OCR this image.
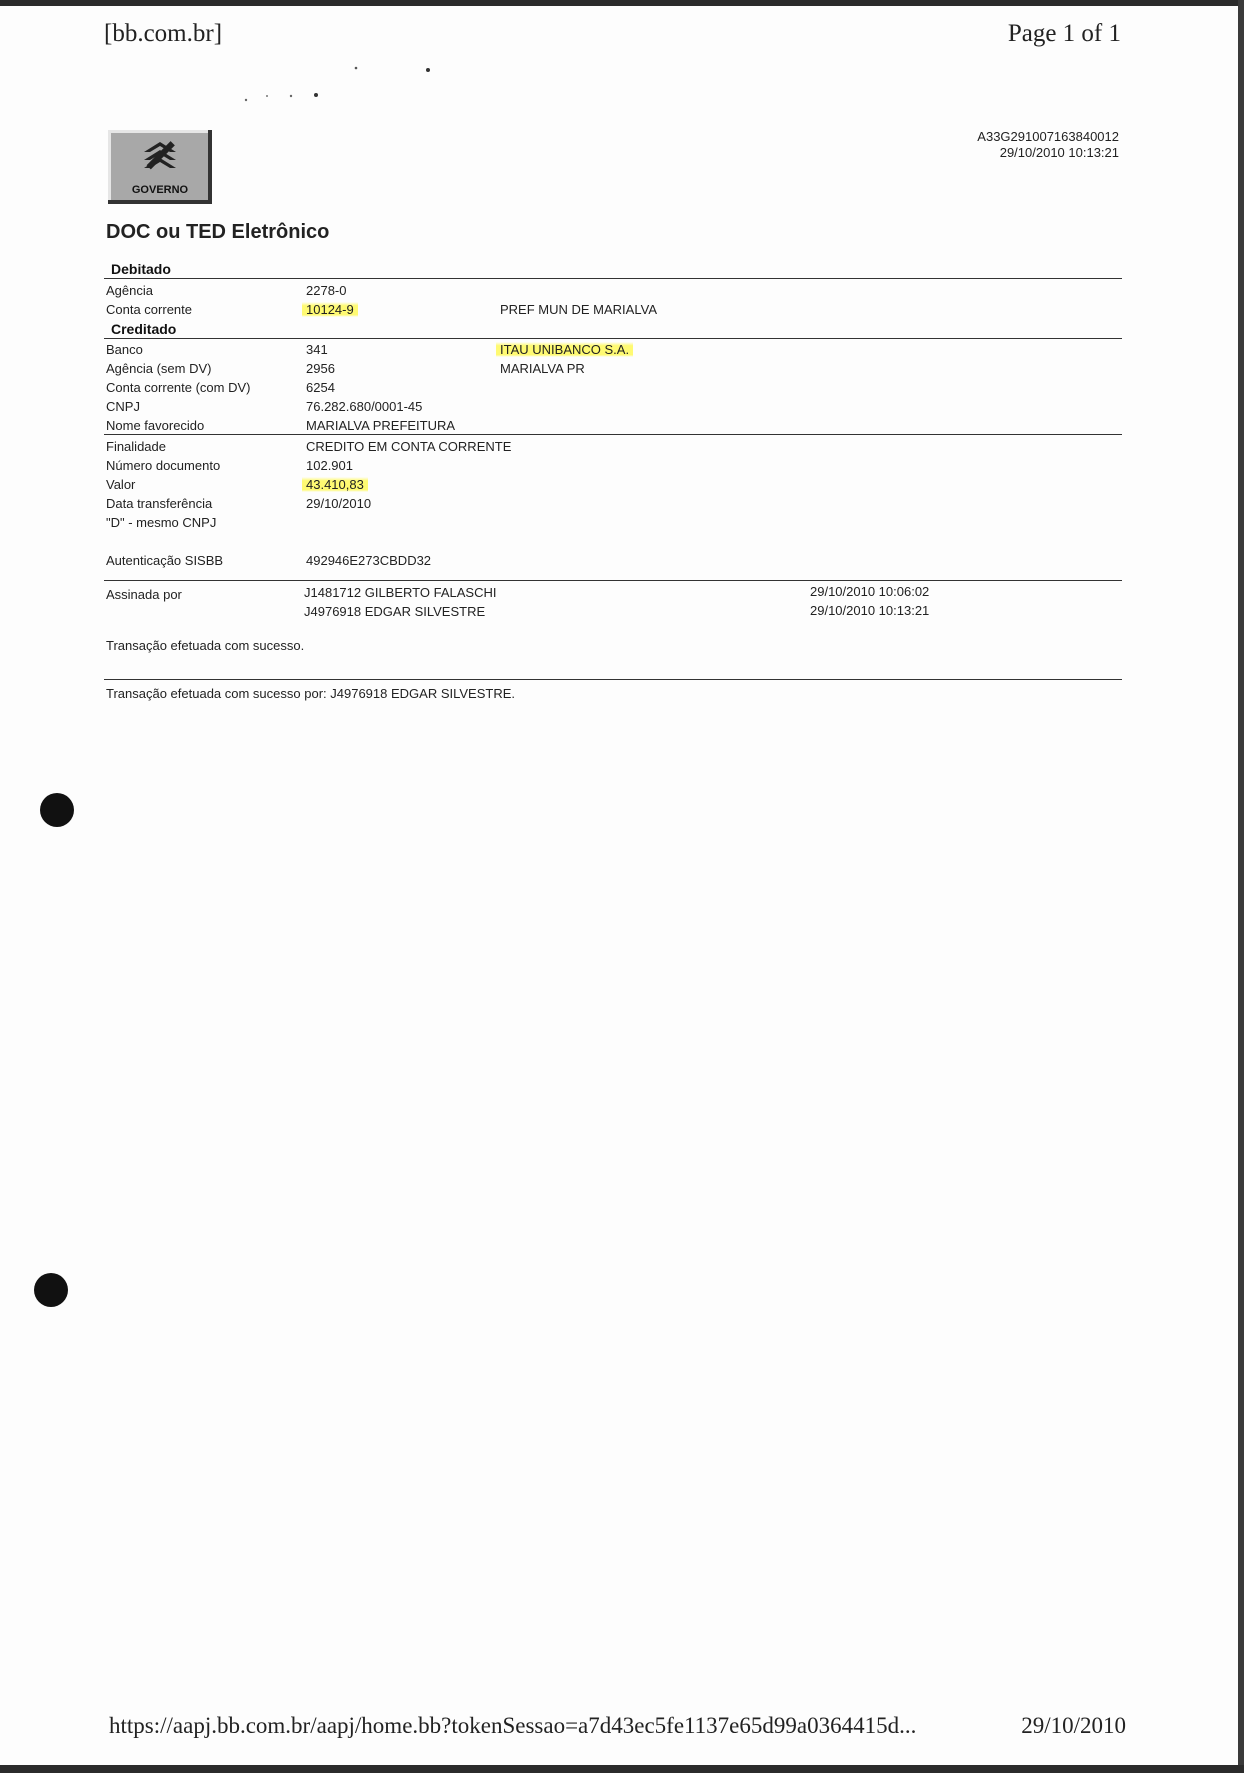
[bb.com.br]	Page 1 of 1
GOVERNO
A33G291007163840012
29/10/2010 10:13:21
DOC ou TED Eletrônico
Debitado
Agência	2278-0
Conta corrente	10124-9	PREF MUN DE MARIALVA
Creditado
Banco	341	ITAU UNIBANCO S.A.
Agência (sem DV)	2956	MARIALVA PR
Conta corrente (com DV)	6254
CNPJ	76.282.680/0001-45
Nome favorecido	MARIALVA PREFEITURA
Finalidade	CREDITO EM CONTA CORRENTE
Número documento	102.901
Valor	43.410,83
Data transferência	29/10/2010
"D" - mesmo CNPJ
Autenticação SISBB	492946E273CBDD32
Assinada por	J1481712 GILBERTO FALASCHI	29/10/2010 10:06:02
J4976918 EDGAR SILVESTRE	29/10/2010 10:13:21
Transação efetuada com sucesso.
Transação efetuada com sucesso por: J4976918 EDGAR SILVESTRE.
https://aapj.bb.com.br/aapj/home.bb?tokenSessao=a7d43ec5fe1137e65d99a0364415d...	29/10/2010
